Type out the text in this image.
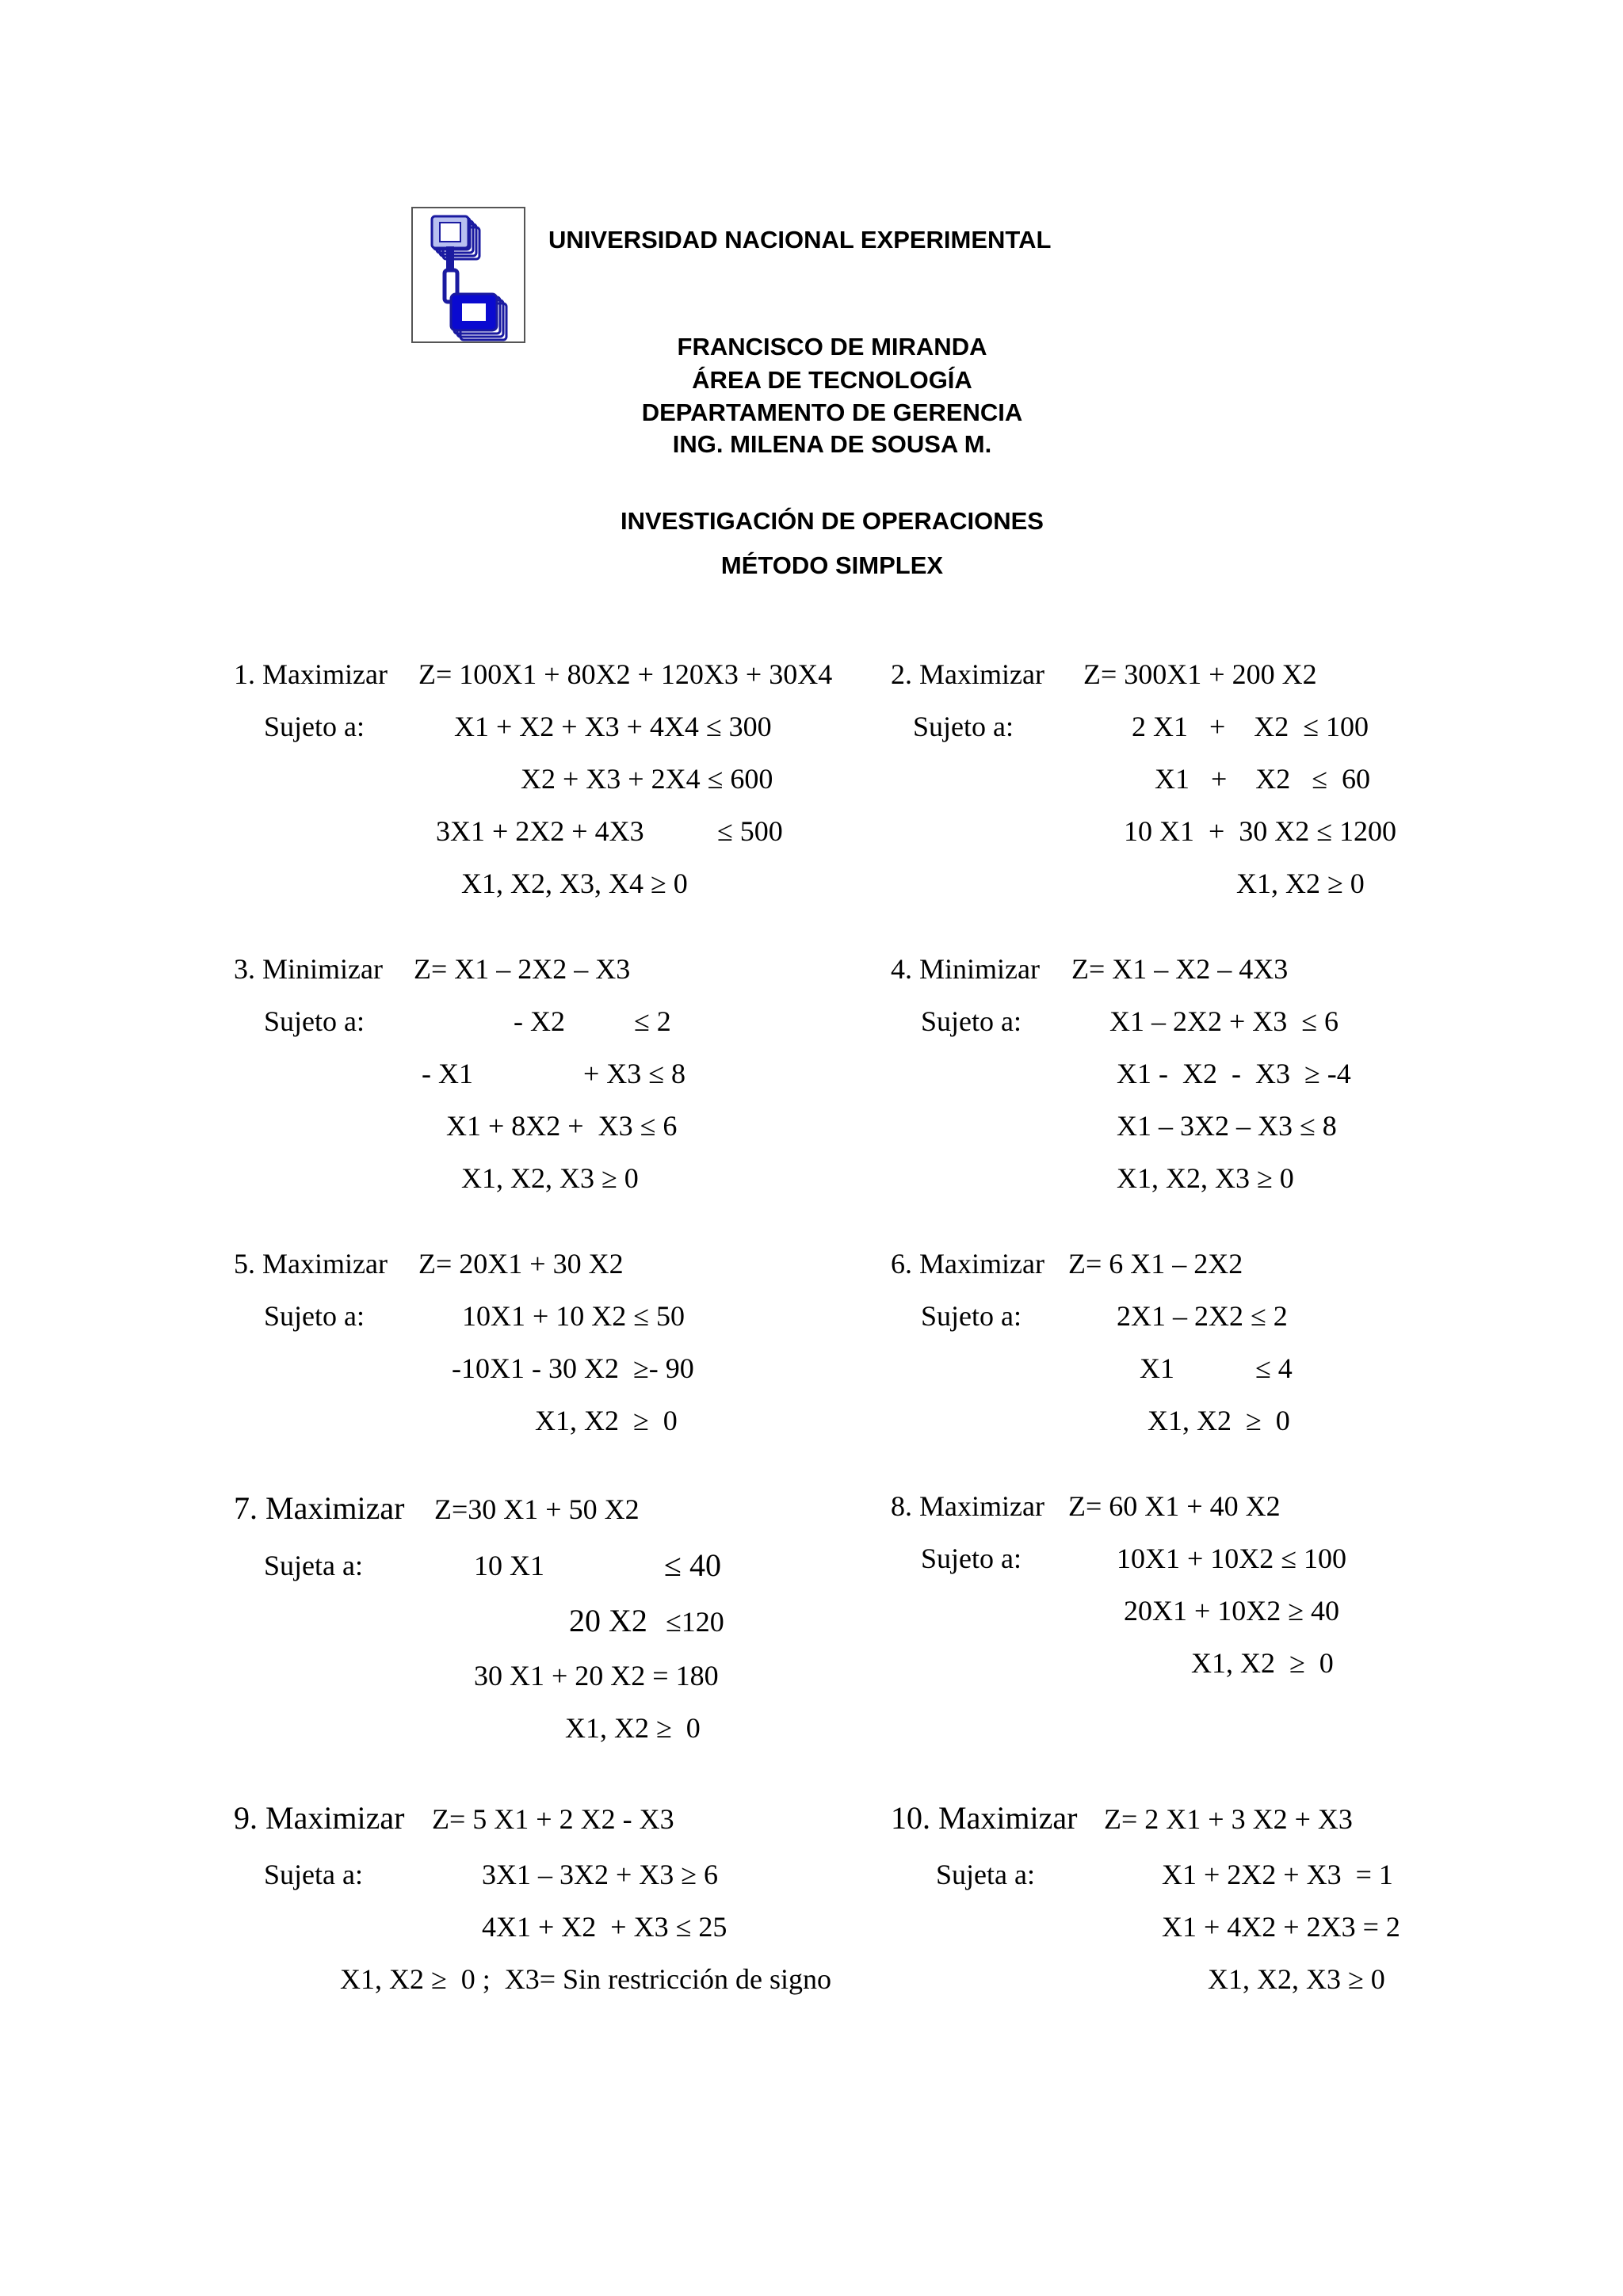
UNIVERSIDAD NACIONAL EXPERIMENTAL
FRANCISCO DE MIRANDA
ÁREA DE TECNOLOGÍA
DEPARTAMENTO DE GERENCIA
ING. MILENA DE SOUSA M.
INVESTIGACIÓN DE OPERACIONES
MÉTODO SIMPLEX
1. Maximizar Z= 100X1 + 80X2 + 120X3 + 30X4
Sujeto a:	X1 + X2 + X3 + 4X4 ≤ 300
X2 + X3 + 2X4 ≤ 600
3X1 + 2X2 + 4X3	≤ 500
X1, X2, X3, X4 ≥ 0
2. Maximizar Z= 300X1 + 200 X2
Sujeto a:	2 X1   +    X2  ≤ 100
X1   +    X2   ≤  60
10 X1  +  30 X2 ≤ 1200
X1, X2 ≥ 0
3. Minimizar Z= X1 – 2X2 – X3
Sujeto a:	- X2 ≤ 2
- X1	+ X3 ≤ 8
X1 + 8X2 +  X3 ≤ 6
X1, X2, X3 ≥ 0
4. Minimizar Z= X1 – X2 – 4X3
Sujeto a:	X1 – 2X2 + X3  ≤ 6
X1 -  X2  -  X3  ≥ -4
X1 – 3X2 – X3 ≤ 8
X1, X2, X3 ≥ 0
5. Maximizar Z= 20X1 + 30 X2
Sujeto a:	10X1 + 10 X2 ≤ 50
-10X1 - 30 X2  ≥- 90
X1, X2  ≥  0
6. Maximizar Z= 6 X1 – 2X2
Sujeto a:	2X1 – 2X2 ≤ 2
X1	≤ 4
X1, X2  ≥  0
7. Maximizar Z=30 X1 + 50 X2
Sujeta a:	10 X1	≤ 40
20 X2 ≤120
30 X1 + 20 X2 = 180
X1, X2 ≥  0
8. Maximizar Z= 60 X1 + 40 X2
Sujeto a:	10X1 + 10X2 ≤ 100
20X1 + 10X2 ≥ 40
X1, X2  ≥  0
9. Maximizar Z= 5 X1 + 2 X2 - X3
Sujeta a:	3X1 – 3X2 + X3 ≥ 6
4X1 + X2  + X3 ≤ 25
X1, X2 ≥  0 ;  X3= Sin restricción de signo
10. Maximizar Z= 2 X1 + 3 X2 + X3
Sujeta a:	X1 + 2X2 + X3  = 1
X1 + 4X2 + 2X3 = 2
X1, X2, X3 ≥ 0
